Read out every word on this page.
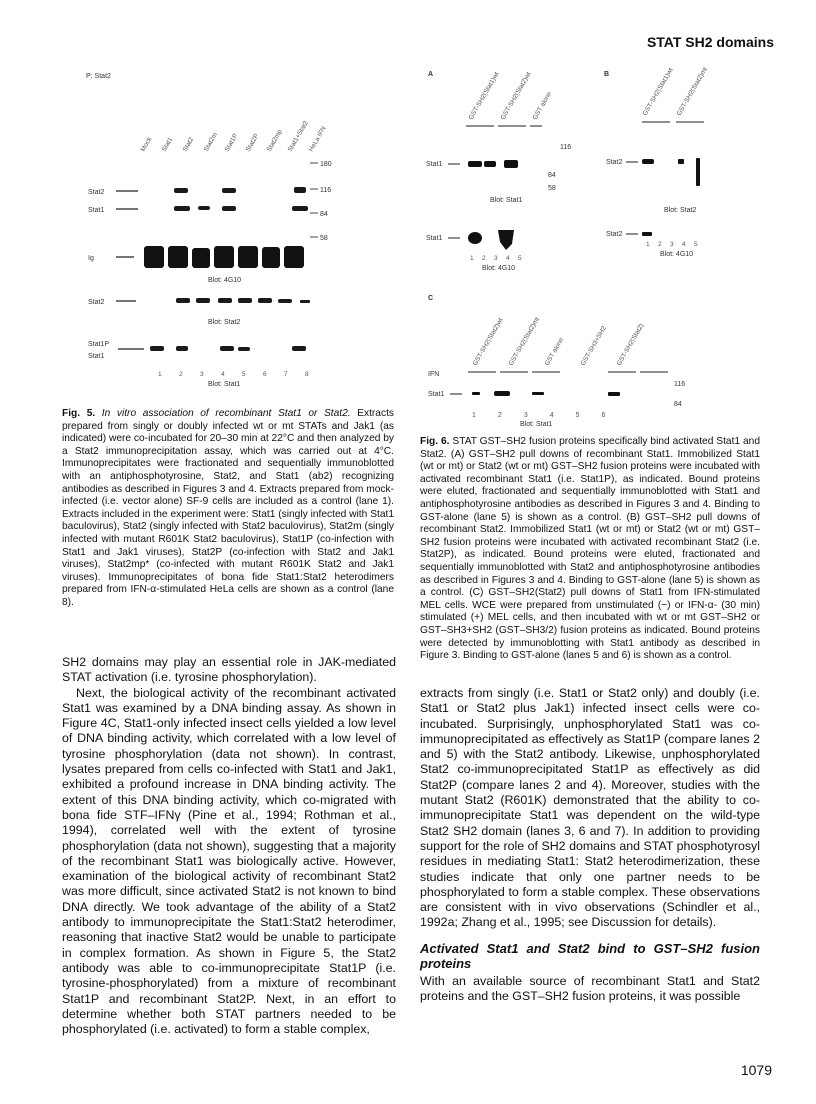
STAT SH2 domains
P: Stat2
Mock Stat1 Stat2 Stat2m Stat1P Stat2P Stat2mp Stat1+Stat2
HeLa IFN
180
116
84
58
Stat2
Stat1
Ig
Stat2
Stat1P
Stat1
Blot: 4G10
Blot: Stat2
1	2	3	4	5	6	7	8
Blot: Stat1
Fig. 5. In vitro association of recombinant Stat1 or Stat2. Extracts prepared from singly or doubly infected wt or mt STATs and Jak1 (as indicated) were co-incubated for 20–30 min at 22°C and then analyzed by a Stat2 immunoprecipitation assay, which was carried out at 4°C. Immunoprecipitates were fractionated and sequentially immunoblotted with an antiphosphotyrosine, Stat2, and Stat1 (ab2) recognizing antibodies as described in Figures 3 and 4. Extracts prepared from mock-infected (i.e. vector alone) SF-9 cells are included as a control (lane 1). Extracts included in the experiment were: Stat1 (singly infected with Stat1 baculovirus), Stat2 (singly infected with Stat2 baculovirus), Stat2m (singly infected with mutant R601K Stat2 baculovirus), Stat1P (co-infection with Stat1 and Jak1 viruses), Stat2P (co-infection with Stat2 and Jak1 viruses), Stat2mp* (co-infected with mutant R601K Stat2 and Jak1 viruses). Immunoprecipitates of bona fide Stat1:Stat2 heterodimers prepared from IFN-α-stimulated HeLa cells are shown as a control (lane 8).
A	B
C
GST-SH2(Stat1)wt GST-SH2(Stat2)wt GST alone	GST-SH2(Stat1)wt GST-SH2(Stat2)mt
GST-SH2(Stat2)wt GST-SH2(Stat2)mt GST alone GST-SH3+SH2 GST-SH2(Stat2)
Stat1
116
84
58
Blot: Stat1
Stat1
1 2 3 4 5
Blot: 4G10
Stat2
Blot: Stat2
Stat2
1 2 3 4 5
Blot: 4G10
IFN
Stat1
116
84
1	2	3	4	5	6
Blot: Stat1
Fig. 6. STAT GST–SH2 fusion proteins specifically bind activated Stat1 and Stat2. (A) GST–SH2 pull downs of recombinant Stat1. Immobilized Stat1 (wt or mt) or Stat2 (wt or mt) GST–SH2 fusion proteins were incubated with activated recombinant Stat1 (i.e. Stat1P), as indicated. Bound proteins were eluted, fractionated and sequentially immunoblotted with Stat1 and antiphosphotyrosine antibodies as described in Figures 3 and 4. Binding to GST-alone (lane 5) is shown as a control. (B) GST–SH2 pull downs of recombinant Stat2. Immobilized Stat1 (wt or mt) or Stat2 (wt or mt) GST–SH2 fusion proteins were incubated with activated recombinant Stat2 (i.e. Stat2P), as indicated. Bound proteins were eluted, fractionated and sequentially immunoblotted with Stat2 and antiphosphotyrosine antibodies as described in Figures 3 and 4. Binding to GST-alone (lane 5) is shown as a control. (C) GST–SH2(Stat2) pull downs of Stat1 from IFN-stimulated MEL cells. WCE were prepared from unstimulated (−) or IFN-α- (30 min) stimulated (+) MEL cells, and then incubated with wt or mt GST–SH2 or GST–SH3+SH2 (GST–SH3/2) fusion proteins as indicated. Bound proteins were detected by immunoblotting with Stat1 antibody as described in Figure 3. Binding to GST-alone (lanes 5 and 6) is shown as a control.

SH2 domains may play an essential role in JAK-mediated STAT activation (i.e. tyrosine phosphorylation).

Next, the biological activity of the recombinant activated Stat1 was examined by a DNA binding assay. As shown in Figure 4C, Stat1-only infected insect cells yielded a low level of DNA binding activity, which correlated with a low level of tyrosine phosphorylation (data not shown). In contrast, lysates prepared from cells co-infected with Stat1 and Jak1, exhibited a profound increase in DNA binding activity. The extent of this DNA binding activity, which co-migrated with bona fide STF–IFNγ (Pine et al., 1994; Rothman et al., 1994), correlated well with the extent of tyrosine phosphorylation (data not shown), suggesting that a majority of the recombinant Stat1 was biologically active. However, examination of the biological activity of recombinant Stat2 was more difficult, since activated Stat2 is not known to bind DNA directly. We took advantage of the ability of a Stat2 antibody to immunoprecipitate the Stat1:Stat2 heterodimer, reasoning that inactive Stat2 would be unable to participate in complex formation. As shown in Figure 5, the Stat2 antibody was able to co-immunoprecipitate Stat1P (i.e. tyrosine-phosphorylated) from a mixture of recombinant Stat1P and recombinant Stat2P. Next, in an effort to determine whether both STAT partners needed to be phosphorylated (i.e. activated) to form a stable complex,

extracts from singly (i.e. Stat1 or Stat2 only) and doubly (i.e. Stat1 or Stat2 plus Jak1) infected insect cells were co-incubated. Surprisingly, unphosphorylated Stat1 was co-immunoprecipitated as effectively as Stat1P (compare lanes 2 and 5) with the Stat2 antibody. Likewise, unphosphorylated Stat2 co-immunoprecipitated Stat1P as effectively as did Stat2P (compare lanes 2 and 4). Moreover, studies with the mutant Stat2 (R601K) demonstrated that the ability to co-immunoprecipitate Stat1 was dependent on the wild-type Stat2 SH2 domain (lanes 3, 6 and 7). In addition to providing support for the role of SH2 domains and STAT phosphotyrosyl residues in mediating Stat1: Stat2 heterodimerization, these studies indicate that only one partner needs to be phosphorylated to form a stable complex. These observations are consistent with in vivo observations (Schindler et al., 1992a; Zhang et al., 1995; see Discussion for details).

Activated Stat1 and Stat2 bind to GST–SH2 fusion proteins

With an available source of recombinant Stat1 and Stat2 proteins and the GST–SH2 fusion proteins, it was possible

1079
